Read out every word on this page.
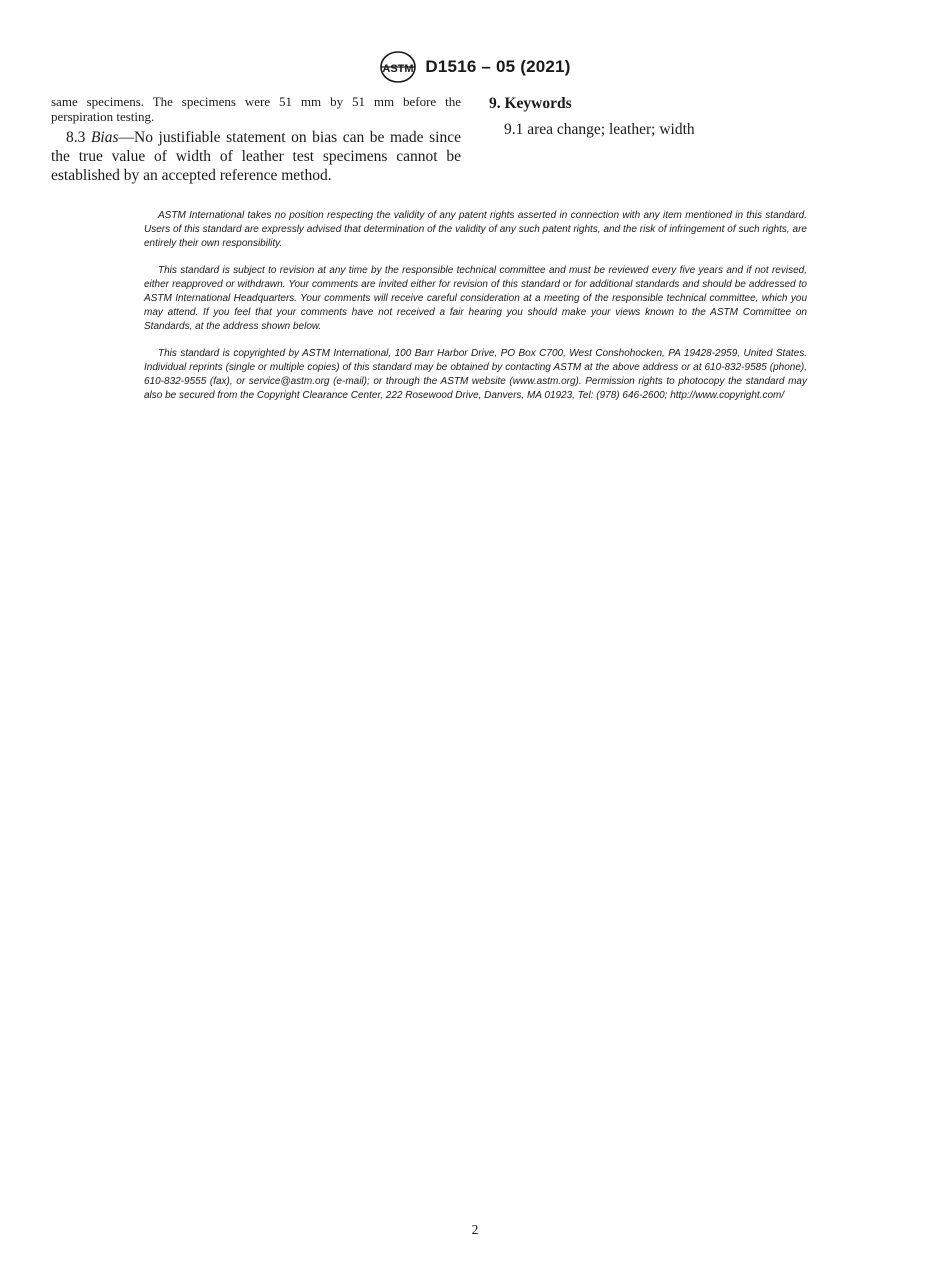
ASTM D1516 – 05 (2021)

same specimens. The specimens were 51 mm by 51 mm before the perspiration testing.

8.3 Bias—No justifiable statement on bias can be made since the true value of width of leather test specimens cannot be established by an accepted reference method.

9. Keywords

9.1 area change; leather; width

ASTM International takes no position respecting the validity of any patent rights asserted in connection with any item mentioned in this standard. Users of this standard are expressly advised that determination of the validity of any such patent rights, and the risk of infringement of such rights, are entirely their own responsibility.

This standard is subject to revision at any time by the responsible technical committee and must be reviewed every five years and if not revised, either reapproved or withdrawn. Your comments are invited either for revision of this standard or for additional standards and should be addressed to ASTM International Headquarters. Your comments will receive careful consideration at a meeting of the responsible technical committee, which you may attend. If you feel that your comments have not received a fair hearing you should make your views known to the ASTM Committee on Standards, at the address shown below.

This standard is copyrighted by ASTM International, 100 Barr Harbor Drive, PO Box C700, West Conshohocken, PA 19428-2959, United States. Individual reprints (single or multiple copies) of this standard may be obtained by contacting ASTM at the above address or at 610-832-9585 (phone), 610-832-9555 (fax), or service@astm.org (e-mail); or through the ASTM website (www.astm.org). Permission rights to photocopy the standard may also be secured from the Copyright Clearance Center, 222 Rosewood Drive, Danvers, MA 01923, Tel: (978) 646-2600; http://www.copyright.com/

2
